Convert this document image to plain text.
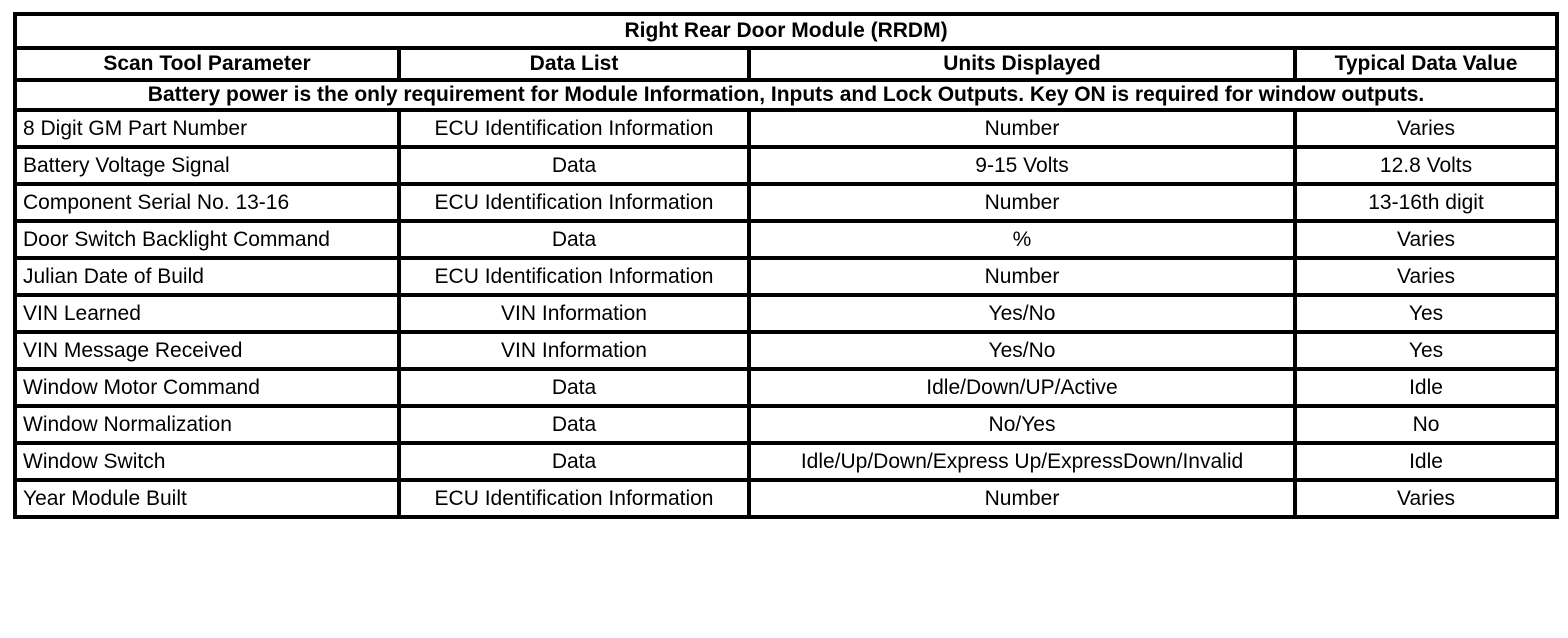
Right Rear Door Module (RRDM)			
Scan Tool Parameter	Data List	Units Displayed	Typical Data Value
Battery power is the only requirement for Module Information, Inputs and Lock Outputs. Key ON is required for window outputs.			
8 Digit GM Part Number	ECU Identification Information	Number	Varies
Battery Voltage Signal	Data	9-15 Volts	12.8 Volts
Component Serial No. 13-16	ECU Identification Information	Number	13-16th digit
Door Switch Backlight Command	Data	%	Varies
Julian Date of Build	ECU Identification Information	Number	Varies
VIN Learned	VIN Information	Yes/No	Yes
VIN Message Received	VIN Information	Yes/No	Yes
Window Motor Command	Data	Idle/Down/UP/Active	Idle
Window Normalization	Data	No/Yes	No
Window Switch	Data	Idle/Up/Down/Express Up/ExpressDown/Invalid	Idle
Year Module Built	ECU Identification Information	Number	Varies
